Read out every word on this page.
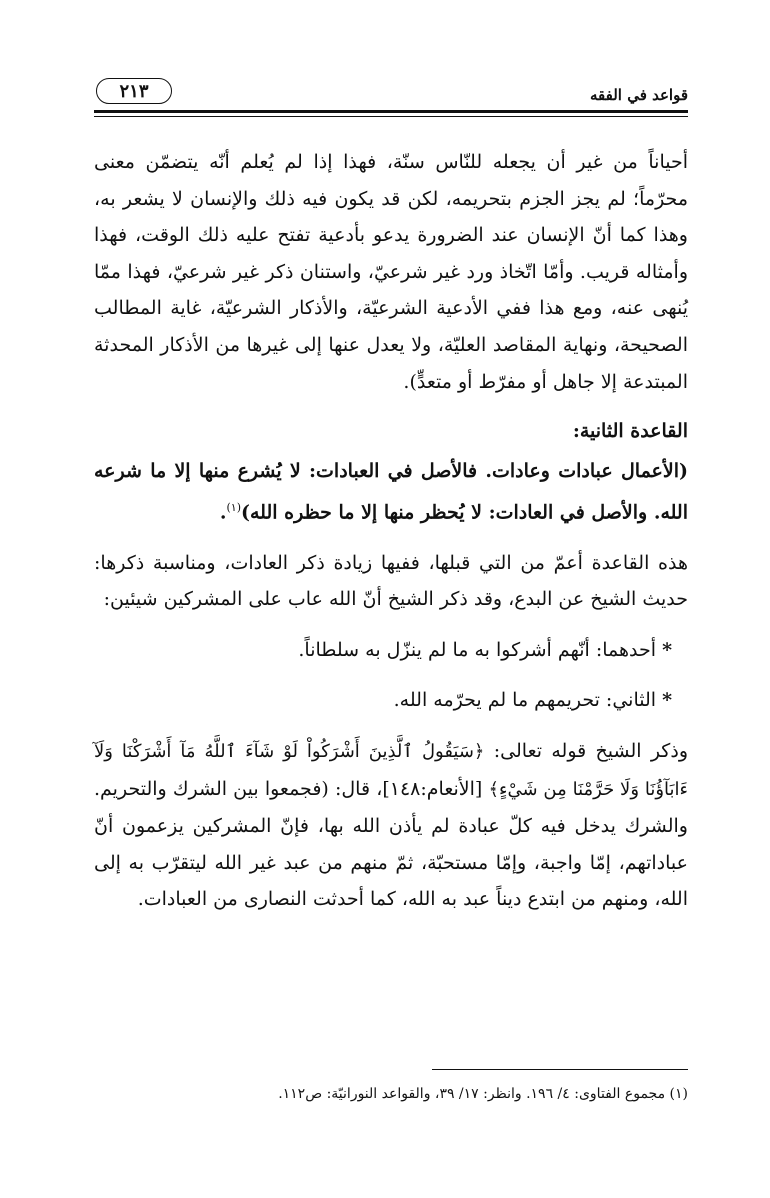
قواعد في الفقه
٢١٣

أحياناً من غير أن يجعله للنّاس سنّة، فهذا إذا لم يُعلم أنّه يتضمّن معنى محرّماً؛ لم يجز الجزم بتحريمه، لكن قد يكون فيه ذلك والإنسان لا يشعر به، وهذا كما أنّ الإنسان عند الضرورة يدعو بأدعية تفتح عليه ذلك الوقت، فهذا وأمثاله قريب. وأمّا اتّخاذ ورد غير شرعيّ، واستنان ذكر غير شرعيّ، فهذا ممّا يُنهى عنه، ومع هذا ففي الأدعية الشرعيّة، والأذكار الشرعيّة، غاية المطالب الصحيحة، ونهاية المقاصد العليّة، ولا يعدل عنها إلى غيرها من الأذكار المحدثة المبتدعة إلا جاهل أو مفرّط أو متعدٍّ).

القاعدة الثانية:

(الأعمال عبادات وعادات. فالأصل في العبادات: لا يُشرع منها إلا ما شرعه الله. والأصل في العادات: لا يُحظر منها إلا ما حظره الله)$^{(١)}$.

هذه القاعدة أعمّ من التي قبلها، ففيها زيادة ذكر العادات، ومناسبة ذكرها: حديث الشيخ عن البدع، وقد ذكر الشيخ أنّ الله عاب على المشركين شيئين:

*أحدهما: أنّهم أشركوا به ما لم ينزّل به سلطاناً.
*الثاني: تحريمهم ما لم يحرّمه الله.

وذكر الشيخ قوله تعالى: ﴿سَيَقُولُ ٱلَّذِينَ أَشْرَكُواْ لَوْ شَآءَ ٱللَّهُ مَآ أَشْرَكْنَا وَلَآ ءَابَآؤُنَا وَلَا حَرَّمْنَا مِن شَيْءٍ﴾ [الأنعام:١٤٨]، قال: (فجمعوا بين الشرك والتحريم. والشرك يدخل فيه كلّ عبادة لم يأذن الله بها، فإنّ المشركين يزعمون أنّ عباداتهم، إمّا واجبة، وإمّا مستحبّة، ثمّ منهم من عبد غير الله ليتقرّب به إلى الله، ومنهم من ابتدع ديناً عبد به الله، كما أحدثت النصارى من العبادات.

(١) مجموع الفتاوى: ٤/ ١٩٦. وانظر: ١٧/ ٣٩، والقواعد النورانيّة: ص١١٢.
